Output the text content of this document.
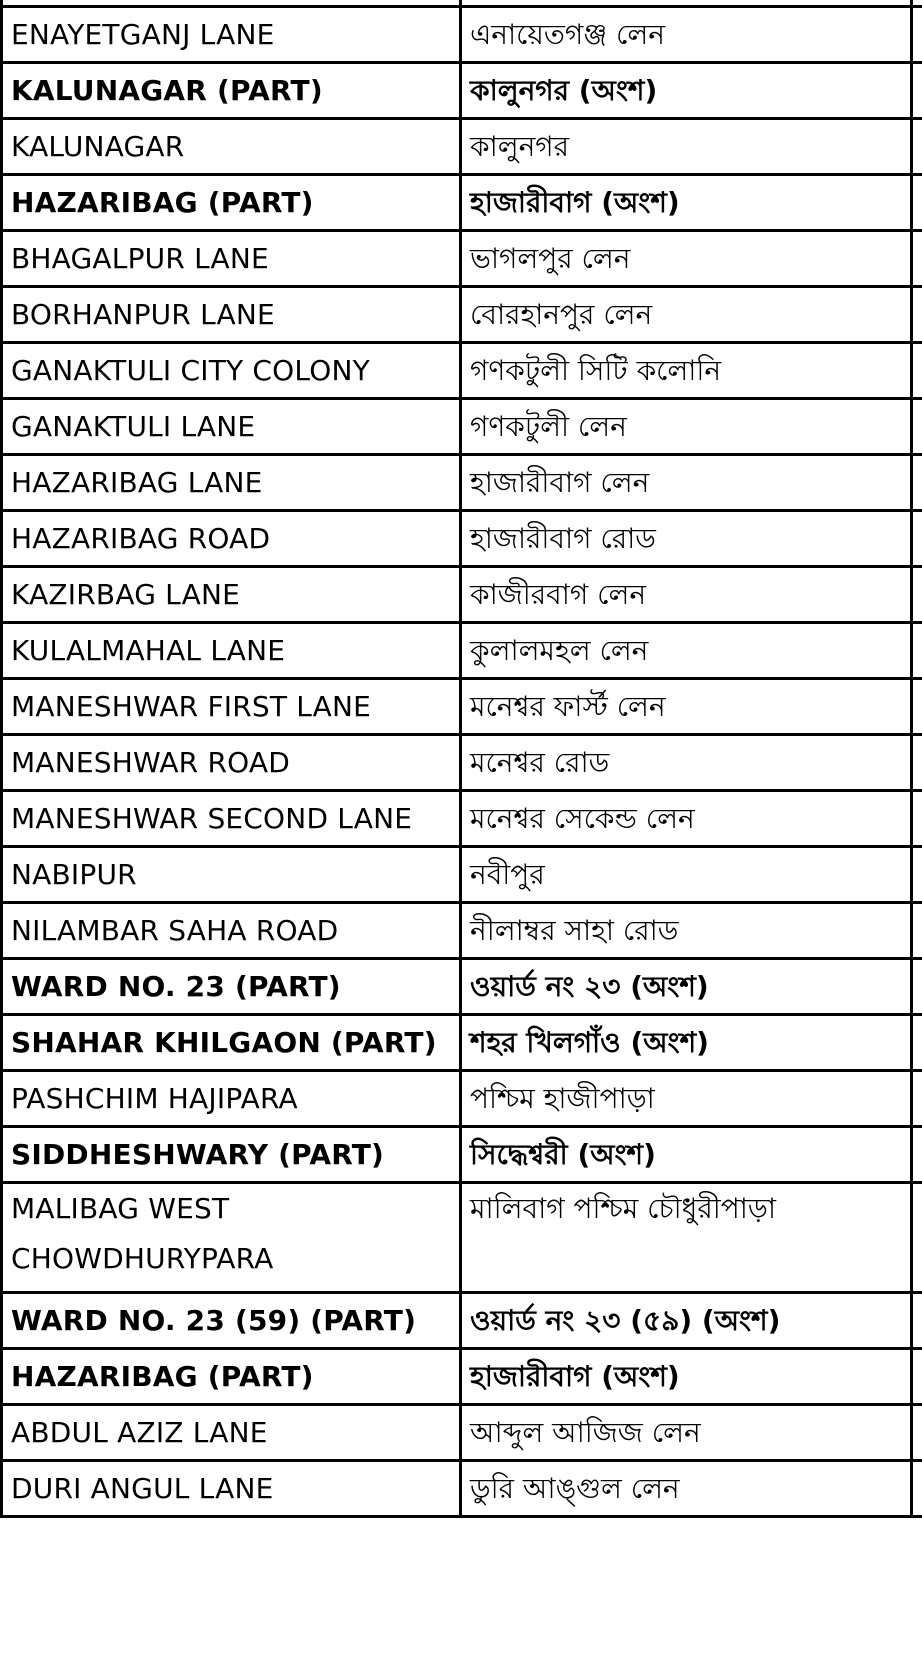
ENAYETGANJ LANE	এনায়েতগঞ্জ লেন	
KALUNAGAR (PART)	কালুনগর (অংশ)	
KALUNAGAR	কালুনগর	
HAZARIBAG (PART)	হাজারীবাগ (অংশ)	
BHAGALPUR LANE	ভাগলপুর লেন	
BORHANPUR LANE	বোরহানপুর লেন	
GANAKTULI CITY COLONY	গণকটুলী সিটি কলোনি	
GANAKTULI LANE	গণকটুলী লেন	
HAZARIBAG LANE	হাজারীবাগ লেন	
HAZARIBAG ROAD	হাজারীবাগ রোড	
KAZIRBAG LANE	কাজীরবাগ লেন	
KULALMAHAL LANE	কুলালমহল লেন	
MANESHWAR FIRST LANE	মনেশ্বর ফার্স্ট লেন	
MANESHWAR ROAD	মনেশ্বর রোড	
MANESHWAR SECOND LANE	মনেশ্বর সেকেন্ড লেন	
NABIPUR	নবীপুর	
NILAMBAR SAHA ROAD	নীলাম্বর সাহা রোড	
WARD NO. 23 (PART)	ওয়ার্ড নং ২৩ (অংশ)	
SHAHAR KHILGAON (PART)	শহর খিলগাঁও (অংশ)	
PASHCHIM HAJIPARA	পশ্চিম হাজীপাড়া	
SIDDHESHWARY (PART)	সিদ্ধেশ্বরী (অংশ)	
MALIBAG WEST CHOWDHURYPARA	মালিবাগ পশ্চিম চৌধুরীপাড়া	
WARD NO. 23 (59) (PART)	ওয়ার্ড নং ২৩ (৫৯) (অংশ)	
HAZARIBAG (PART)	হাজারীবাগ (অংশ)	
ABDUL AZIZ LANE	আব্দুল আজিজ লেন	
DURI ANGUL LANE	ডুরি আঙ্গুল লেন	
